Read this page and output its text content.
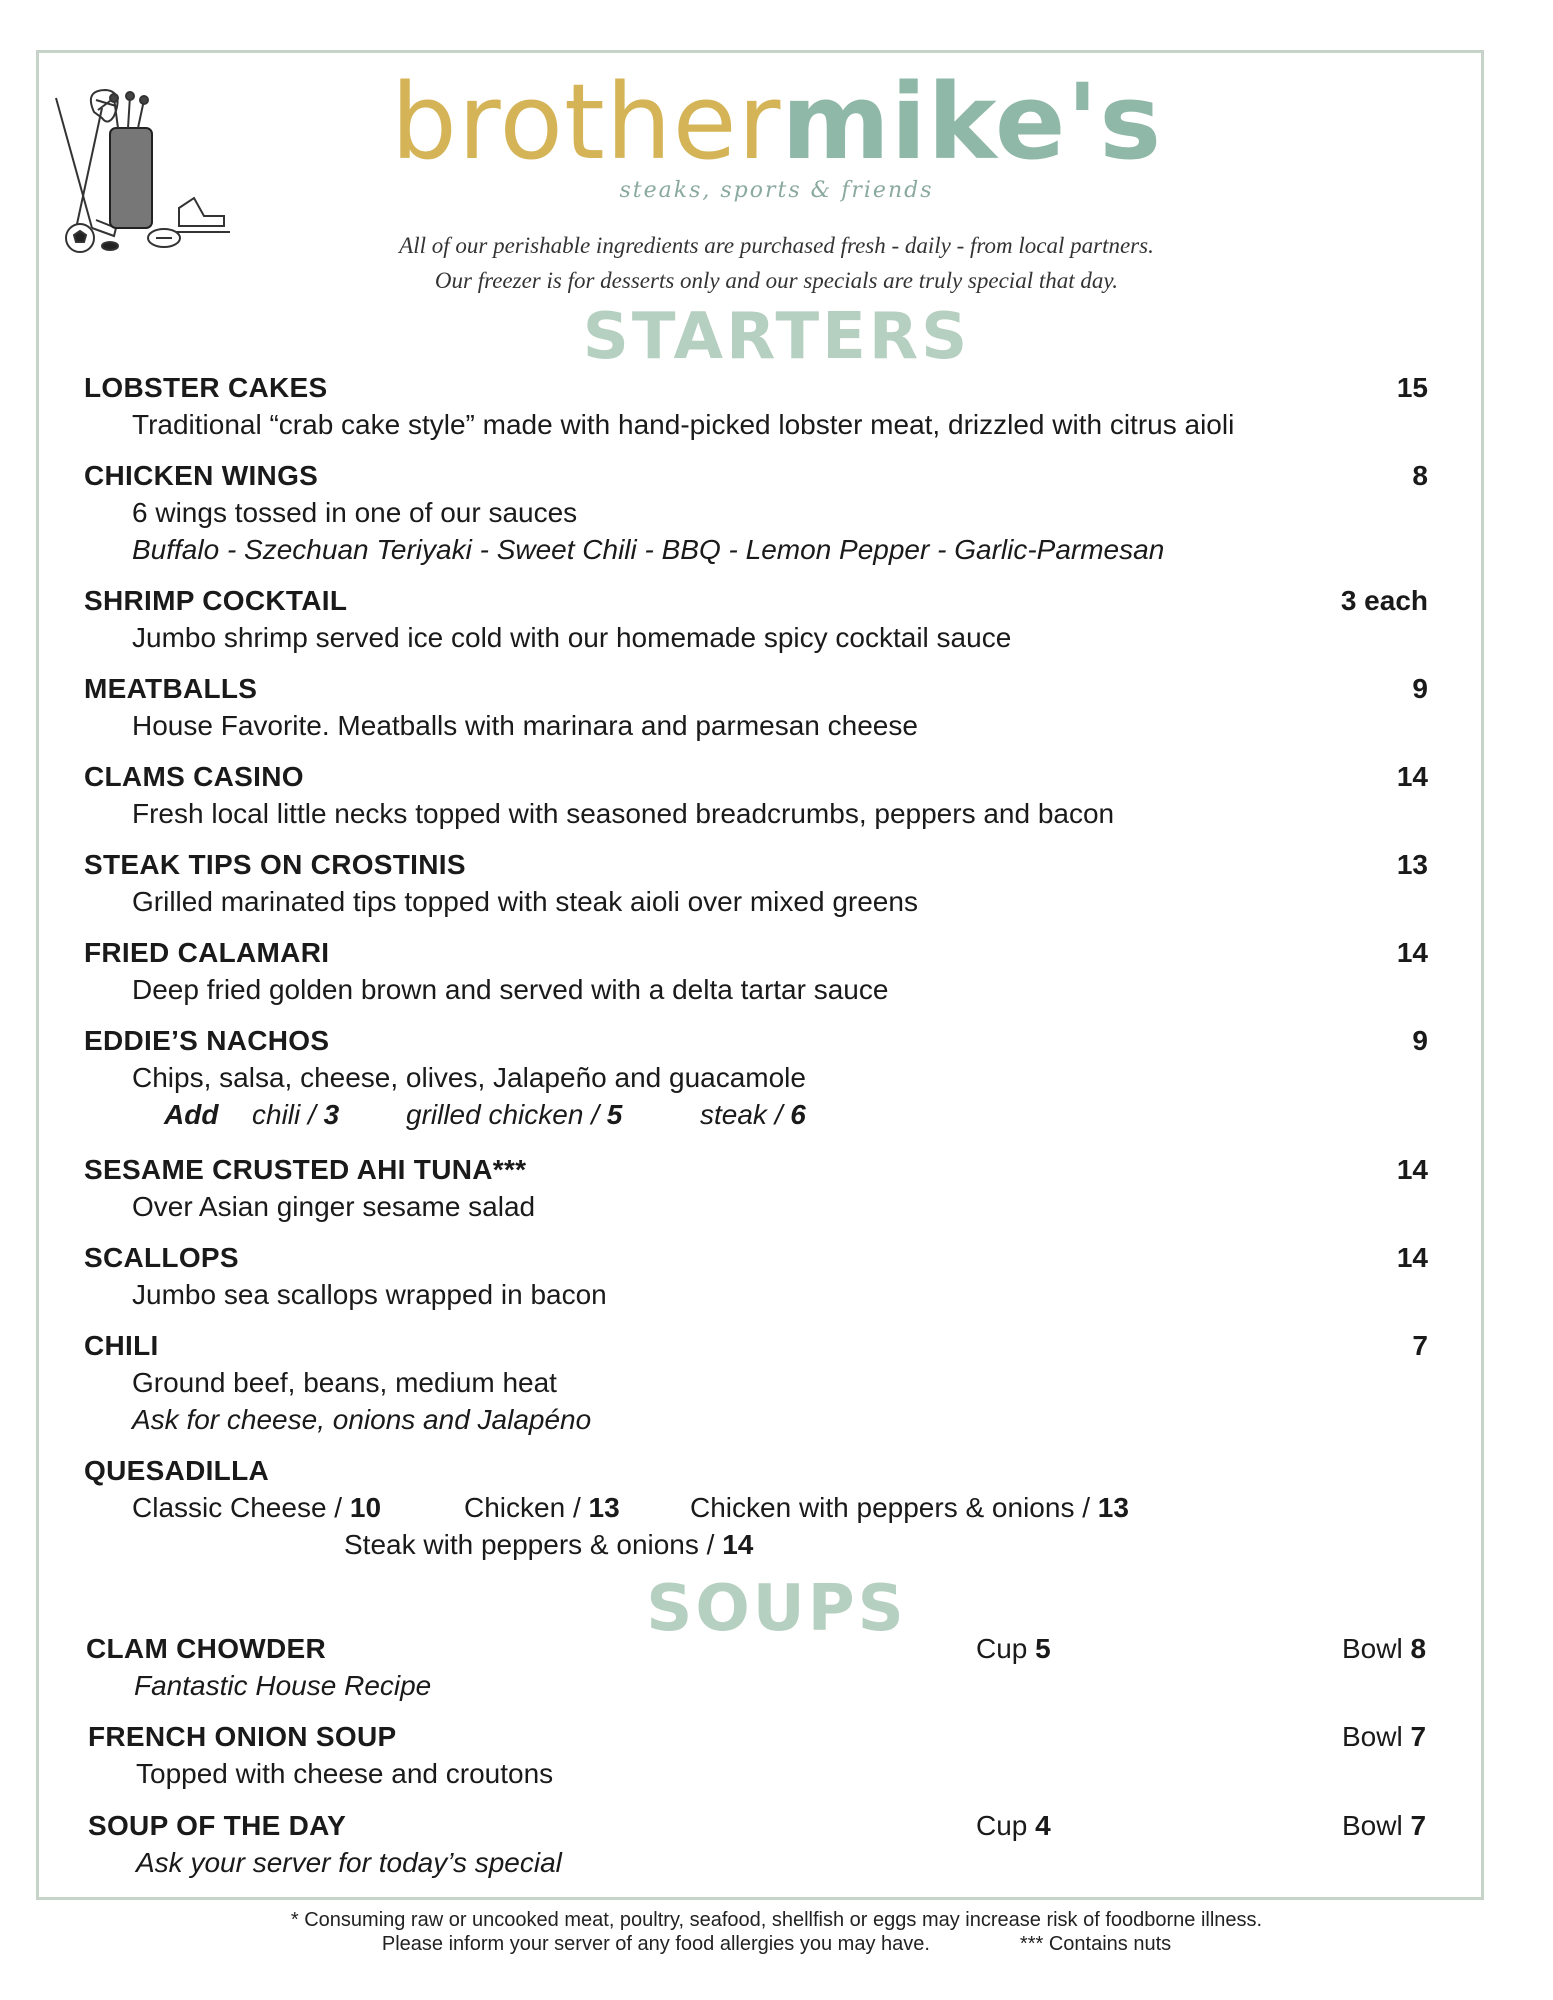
brothermike's
steaks, sports & friends
All of our perishable ingredients are purchased fresh - daily - from local partners.
Our freezer is for desserts only and our specials are truly special that day.
STARTERS
LOBSTER CAKES	15
Traditional “crab cake style” made with hand-picked lobster meat, drizzled with citrus aioli
CHICKEN WINGS	8
6 wings tossed in one of our sauces
Buffalo - Szechuan Teriyaki - Sweet Chili - BBQ - Lemon Pepper - Garlic-Parmesan
SHRIMP COCKTAIL	3 each
Jumbo shrimp served ice cold with our homemade spicy cocktail sauce
MEATBALLS	9
House Favorite. Meatballs with marinara and parmesan cheese
CLAMS CASINO	14
Fresh local little necks topped with seasoned breadcrumbs, peppers and bacon
STEAK TIPS ON CROSTINIS	13
Grilled marinated tips topped with steak aioli over mixed greens
FRIED CALAMARI	14
Deep fried golden brown and served with a delta tartar sauce
EDDIE’S NACHOS	9
Chips, salsa, cheese, olives, Jalapeño and guacamole
Add chili / 3 grilled chicken / 5	steak / 6
SESAME CRUSTED AHI TUNA***	14
Over Asian ginger sesame salad
SCALLOPS	14
Jumbo sea scallops wrapped in bacon
CHILI	7
Ground beef, beans, medium heat
Ask for cheese, onions and Jalapéno
QUESADILLA
Classic Cheese / 10	Chicken / 13	Chicken with peppers & onions / 13
Steak with peppers & onions / 14
SOUPS
CLAM CHOWDER	Cup 5	Bowl 8
Fantastic House Recipe
FRENCH ONION SOUP	Bowl 7
Topped with cheese and croutons
SOUP OF THE DAY	Cup 4	Bowl 7
Ask your server for today’s special
* Consuming raw or uncooked meat, poultry, seafood, shellfish or eggs may increase risk of foodborne illness.
Please inform your server of any food allergies you may have.	*** Contains nuts
